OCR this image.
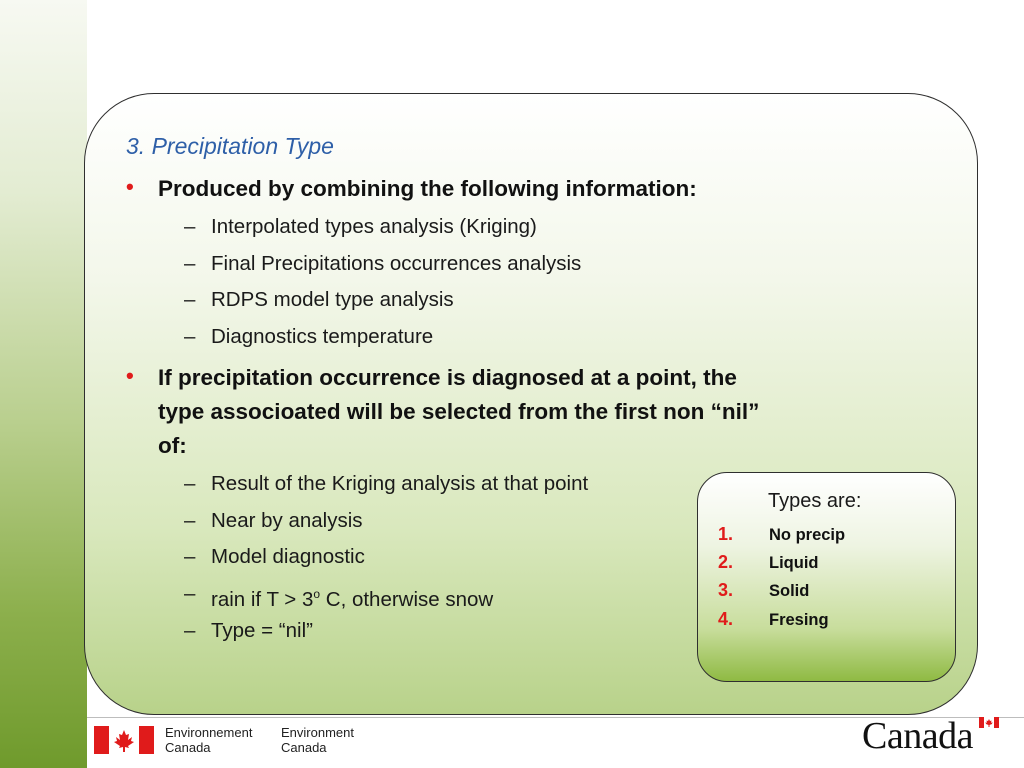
3. Precipitation Type
• Produced by combining the following information:
– Interpolated types analysis (Kriging)
– Final Precipitations occurrences analysis
– RDPS model type analysis
– Diagnostics temperature
• If precipitation occurrence is diagnosed at a point, the
type associoated will be selected from the first non “nil”
of:
– Result of the Kriging analysis at that point
– Near by analysis
– Model diagnostic
– rain if $T > 3^o$ C, otherwise snow
– Type = “nil”
Types are:
1. No precip
2. Liquid
3. Solid
4. Fresing
Environnement
Canada
Environment
Canada	Canada
